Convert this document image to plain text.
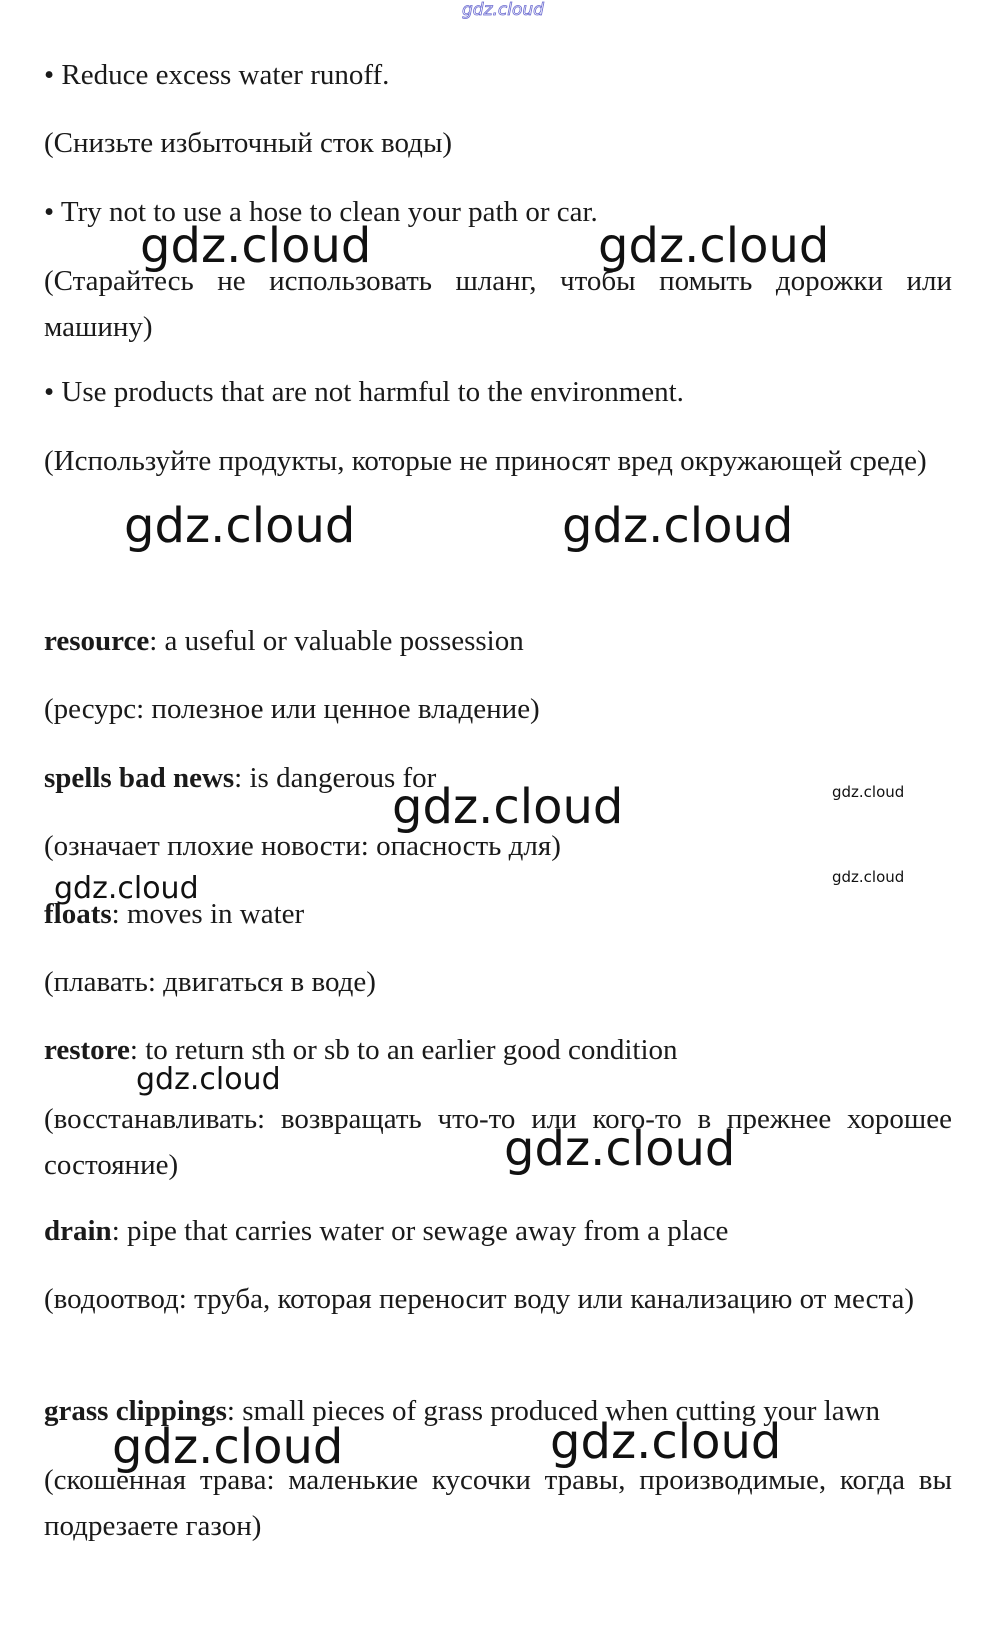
gdz.cloud

• Reduce excess water runoff.

(Снизьте избыточный сток воды)

• Try not to use a hose to clean your path or car.

(Старайтесь не использовать шланг, чтобы помыть дорожки или машину)

• Use products that are not harmful to the environment.

(Используйте продукты, которые не приносят вред окружающей среде)

resource: a useful or valuable possession

(ресурс: полезное или ценное владение)

spells bad news: is dangerous for

(означает плохие новости: опасность для)

floats: moves in water

(плавать: двигаться в воде)

restore: to return sth or sb to an earlier good condition

(восстанавливать: возвращать что-то или кого-то в прежнее хорошее состояние)

drain: pipe that carries water or sewage away from a place

(водоотвод: труба, которая переносит воду или канализацию от места)

grass clippings: small pieces of grass produced when cutting your lawn

(скошенная трава: маленькие кусочки травы, производимые, когда вы подрезаете газон)

gdz.cloud	gdz.cloud
gdz.cloud	gdz.cloud
gdz.cloud	gdz.cloud
gdz.cloud	gdz.cloud
gdz.cloud
gdz.cloud
gdz.cloud	gdz.cloud
